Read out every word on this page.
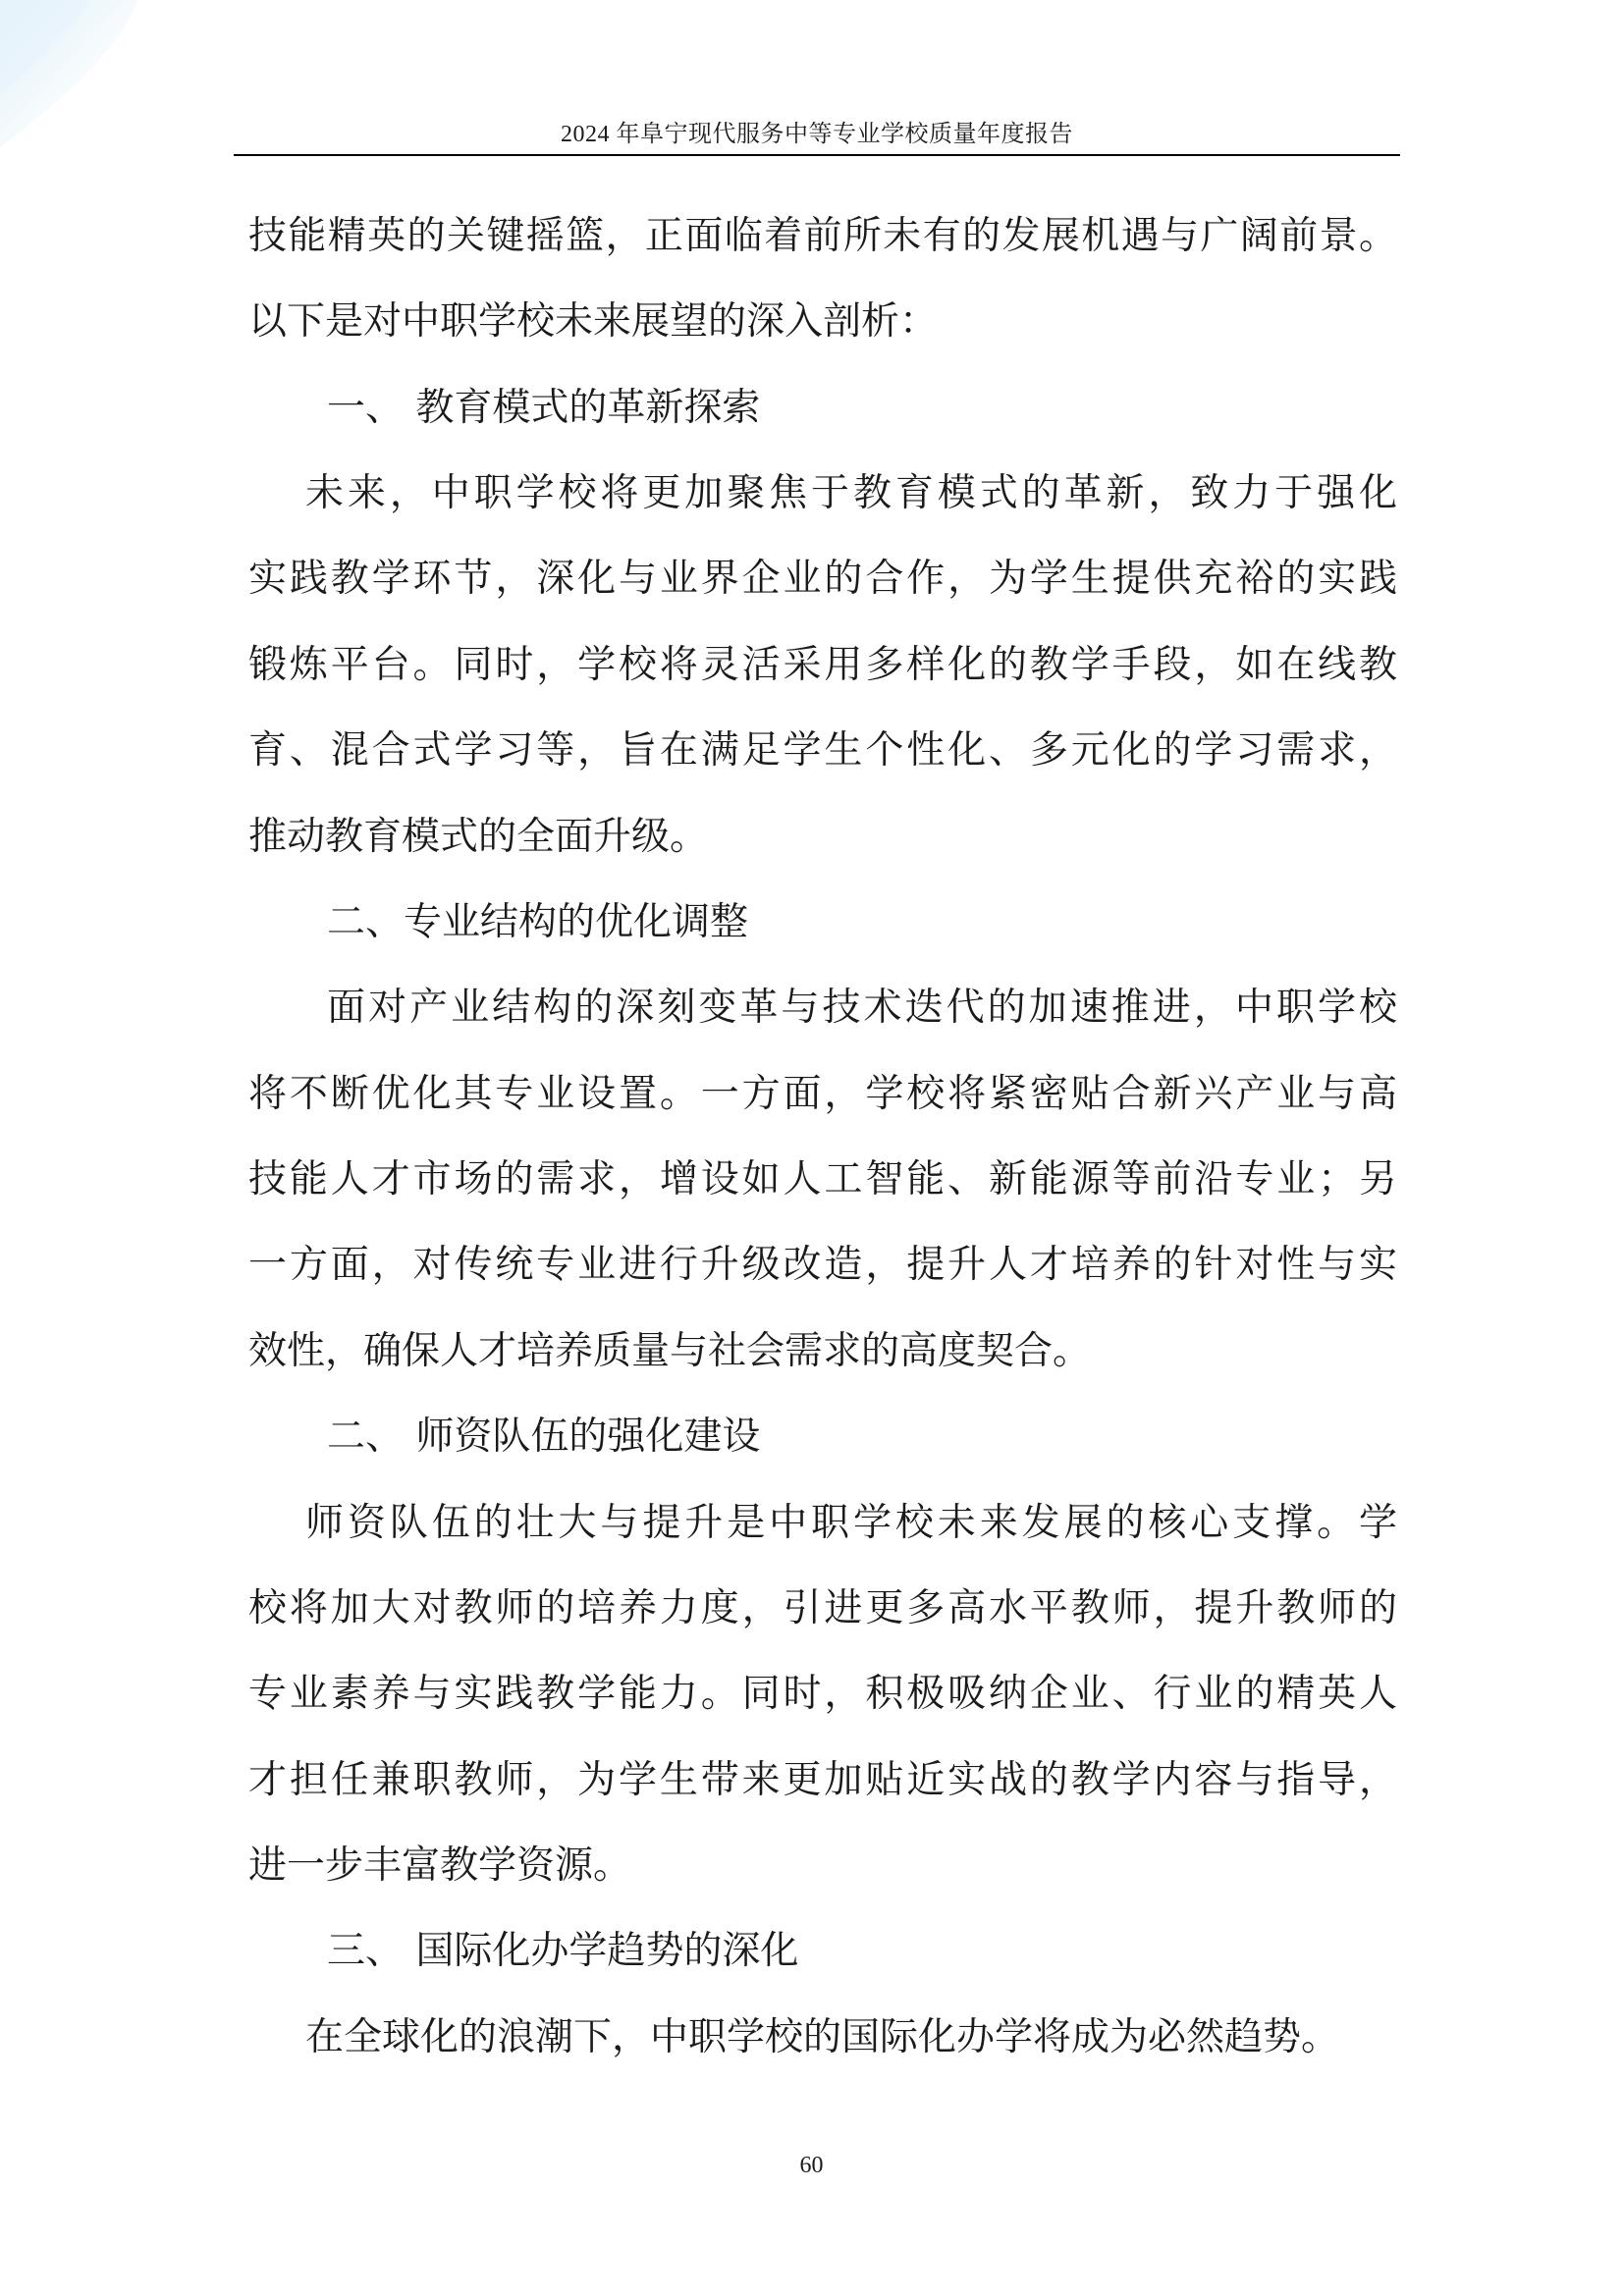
2024 年阜宁现代服务中等专业学校质量年度报告
技能精英的关键摇篮，正面临着前所未有的发展机遇与广阔前景。
以下是对中职学校未来展望的深入剖析：
一、 教育模式的革新探索
未来，中职学校将更加聚焦于教育模式的革新，致力于强化
实践教学环节，深化与业界企业的合作，为学生提供充裕的实践
锻炼平台。同时，学校将灵活采用多样化的教学手段，如在线教
育、混合式学习等，旨在满足学生个性化、多元化的学习需求，
推动教育模式的全面升级。
二、专业结构的优化调整
面对产业结构的深刻变革与技术迭代的加速推进，中职学校
将不断优化其专业设置。一方面，学校将紧密贴合新兴产业与高
技能人才市场的需求，增设如人工智能、新能源等前沿专业；另
一方面，对传统专业进行升级改造，提升人才培养的针对性与实
效性，确保人才培养质量与社会需求的高度契合。
二、 师资队伍的强化建设
师资队伍的壮大与提升是中职学校未来发展的核心支撑。学
校将加大对教师的培养力度，引进更多高水平教师，提升教师的
专业素养与实践教学能力。同时，积极吸纳企业、行业的精英人
才担任兼职教师，为学生带来更加贴近实战的教学内容与指导，
进一步丰富教学资源。
三、 国际化办学趋势的深化
在全球化的浪潮下，中职学校的国际化办学将成为必然趋势。
60
